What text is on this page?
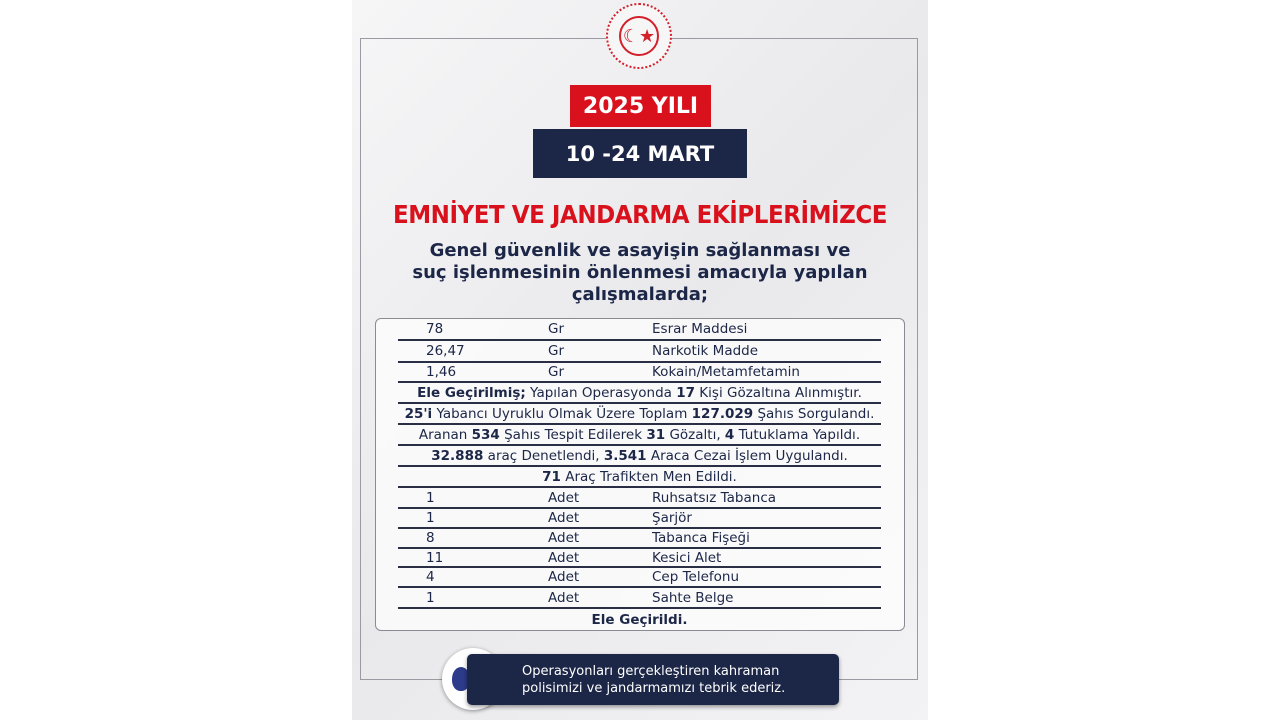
☾★
2025 YILI
10 -24 MART
EMNİYET VE JANDARMA EKİPLERİMİZCE
Genel güvenlik ve asayişin sağlanması ve suç işlenmesinin önlenmesi amacıyla yapılan çalışmalarda;
Operasyonları gerçekleştiren kahraman
polisimizi ve jandarmamızı tebrik ederiz.
78	Gr	Esrar Maddesi
26,47	Gr	Narkotik Madde
1,46	Gr	Kokain/Metamfetamin
Ele Geçirilmiş; Yapılan Operasyonda 17 Kişi Gözaltına Alınmıştır.
25'i Yabancı Uyruklu Olmak Üzere Toplam 127.029 Şahıs Sorgulandı.
Aranan 534 Şahıs Tespit Edilerek 31 Gözaltı, 4 Tutuklama Yapıldı.
32.888 araç Denetlendi, 3.541 Araca Cezai İşlem Uygulandı.
71 Araç Trafikten Men Edildi.
1	Adet	Ruhsatsız Tabanca
1	Adet	Şarjör
8	Adet	Tabanca Fişeği
11	Adet	Kesici Alet
4	Adet	Cep Telefonu
1	Adet	Sahte Belge
Ele Geçirildi.
